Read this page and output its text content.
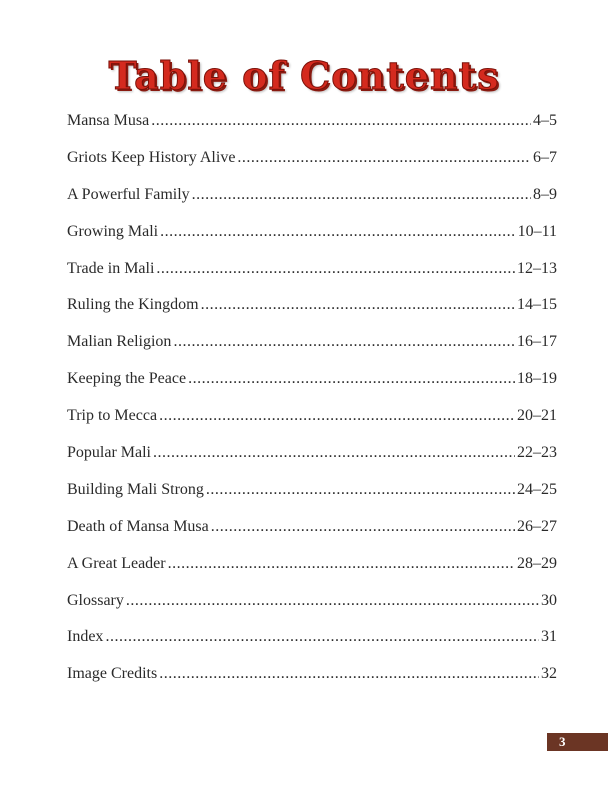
Table of Contents
Mansa Musa .....	4–5
Griots Keep History Alive .....	6–7
A Powerful Family .....	8–9
Growing Mali .....	10–11
Trade in Mali .....	12–13
Ruling the Kingdom .....	14–15
Malian Religion .....	16–17
Keeping the Peace .....	18–19
Trip to Mecca .....	20–21
Popular Mali .....	22–23
Building Mali Strong .....	24–25
Death of Mansa Musa .....	26–27
A Great Leader .....	28–29
Glossary .....	30
Index .....	31
Image Credits .....	32
3
